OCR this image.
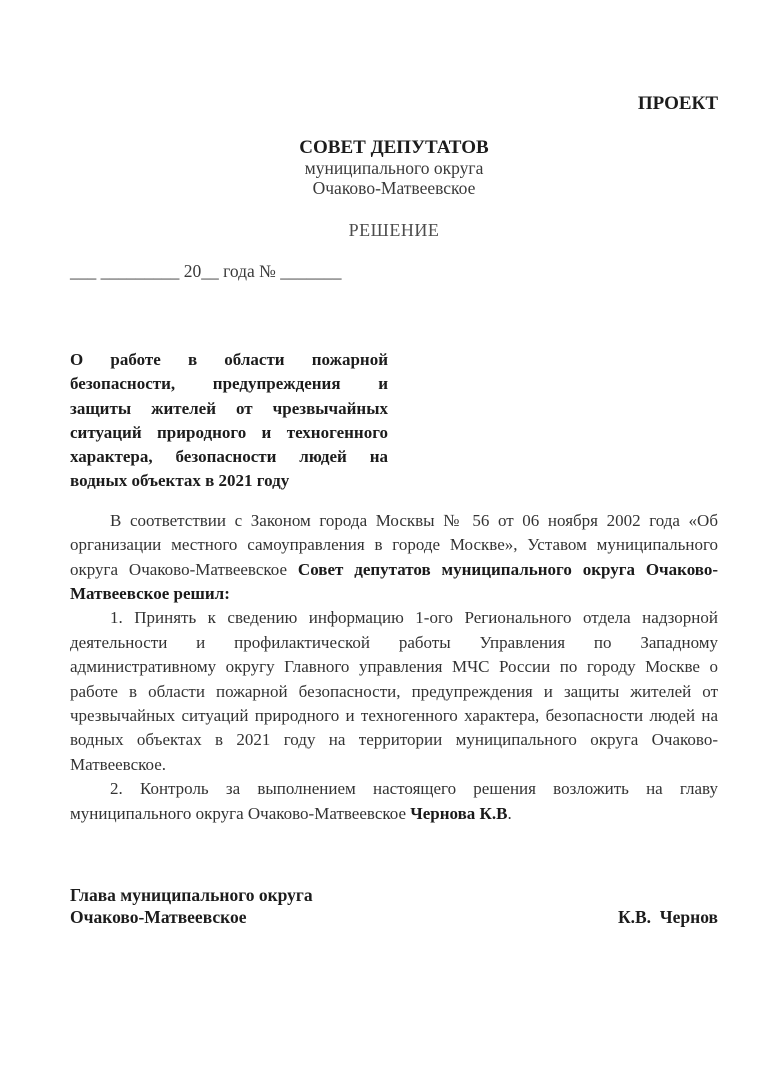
ПРОЕКТ
СОВЕТ ДЕПУТАТОВ
муниципального округа
Очаково-Матвеевское
РЕШЕНИЕ
___ _________ 20__ года № _______
О работе в области пожарной
безопасности, предупреждения и
защиты жителей от чрезвычайных
ситуаций природного и техногенного
характера, безопасности людей на
водных объектах в 2021 году

В соответствии с Законом города Москвы № 56 от 06 ноября 2002 года «Об организации местного самоуправления в городе Москве», Уставом муниципального округа Очаково-Матвеевское Совет депутатов муниципального округа Очаково-Матвеевское решил:

1. Принять к сведению информацию 1-ого Регионального отдела надзорной деятельности и профилактической работы Управления по Западному административному округу Главного управления МЧС России по городу Москве о работе в области пожарной безопасности, предупреждения и защиты жителей от чрезвычайных ситуаций природного и техногенного характера, безопасности людей на водных объектах в 2021 году на территории муниципального округа Очаково-Матвеевское.

2. Контроль за выполнением настоящего решения возложить на главу муниципального округа Очаково-Матвеевское Чернова К.В.

Глава муниципального округа
Очаково-Матвеевское	К.В.  Чернов
